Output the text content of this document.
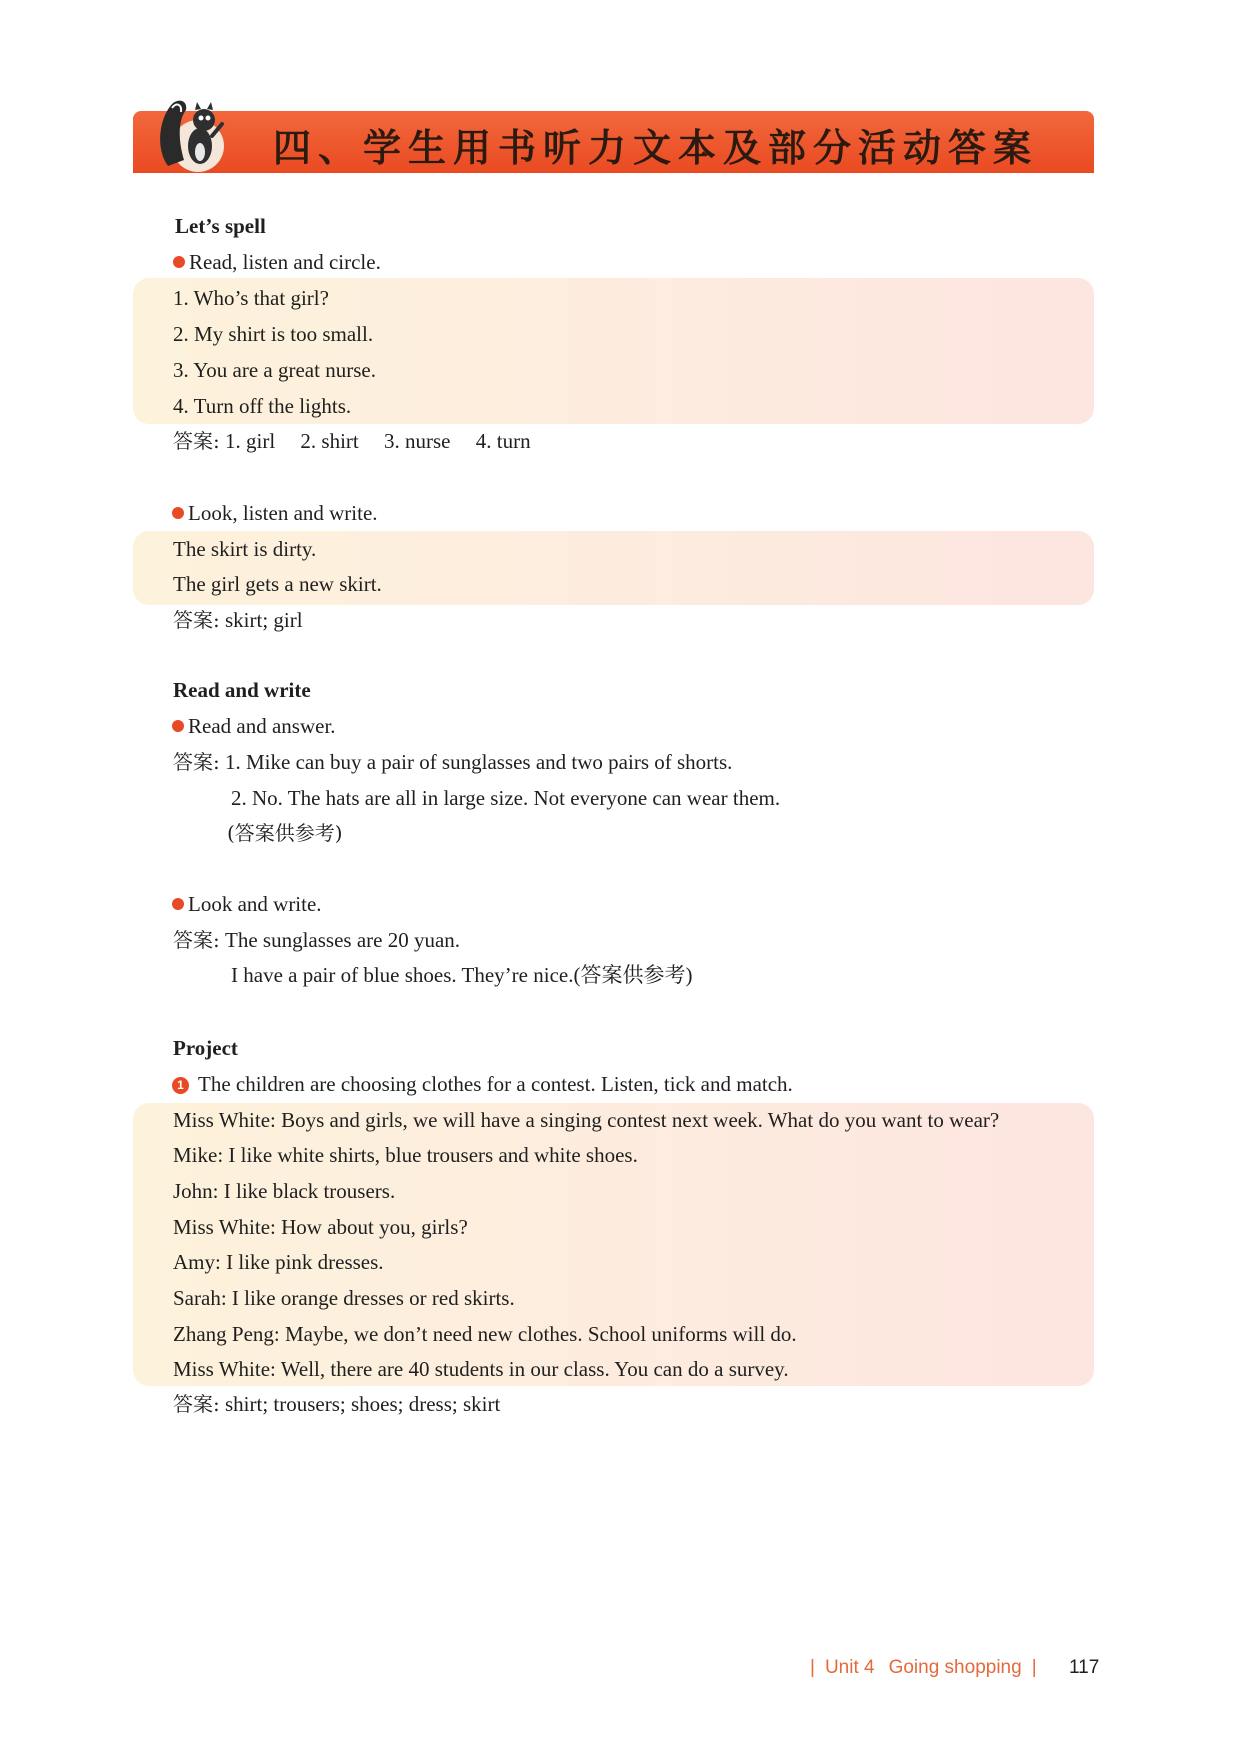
四、学生用书听力文本及部分活动答案
Let’s spell
Read, listen and circle.
1. Who’s that girl?
2. My shirt is too small.
3. You are a great nurse.
4. Turn off the lights.
答案: 1. girl 2. shirt 3. nurse 4. turn
Look, listen and write.
The skirt is dirty.
The girl gets a new skirt.
答案: skirt; girl
Read and write
Read and answer.
答案: 1. Mike can buy a pair of sunglasses and two pairs of shorts.
2. No. The hats are all in large size. Not everyone can wear them.
(答案供参考)
Look and write.
答案: The sunglasses are 20 yuan.
I have a pair of blue shoes. They’re nice.(答案供参考)
Project
1 The children are choosing clothes for a contest. Listen, tick and match.
Miss White: Boys and girls, we will have a singing contest next week. What do you want to wear?
Mike: I like white shirts, blue trousers and white shoes.
John: I like black trousers.
Miss White: How about you, girls?
Amy: I like pink dresses.
Sarah: I like orange dresses or red skirts.
Zhang Peng: Maybe, we don’t need new clothes. School uniforms will do.
Miss White: Well, there are 40 students in our class. You can do a survey.
答案: shirt; trousers; shoes; dress; skirt
| Unit 4 Going shopping |	117
